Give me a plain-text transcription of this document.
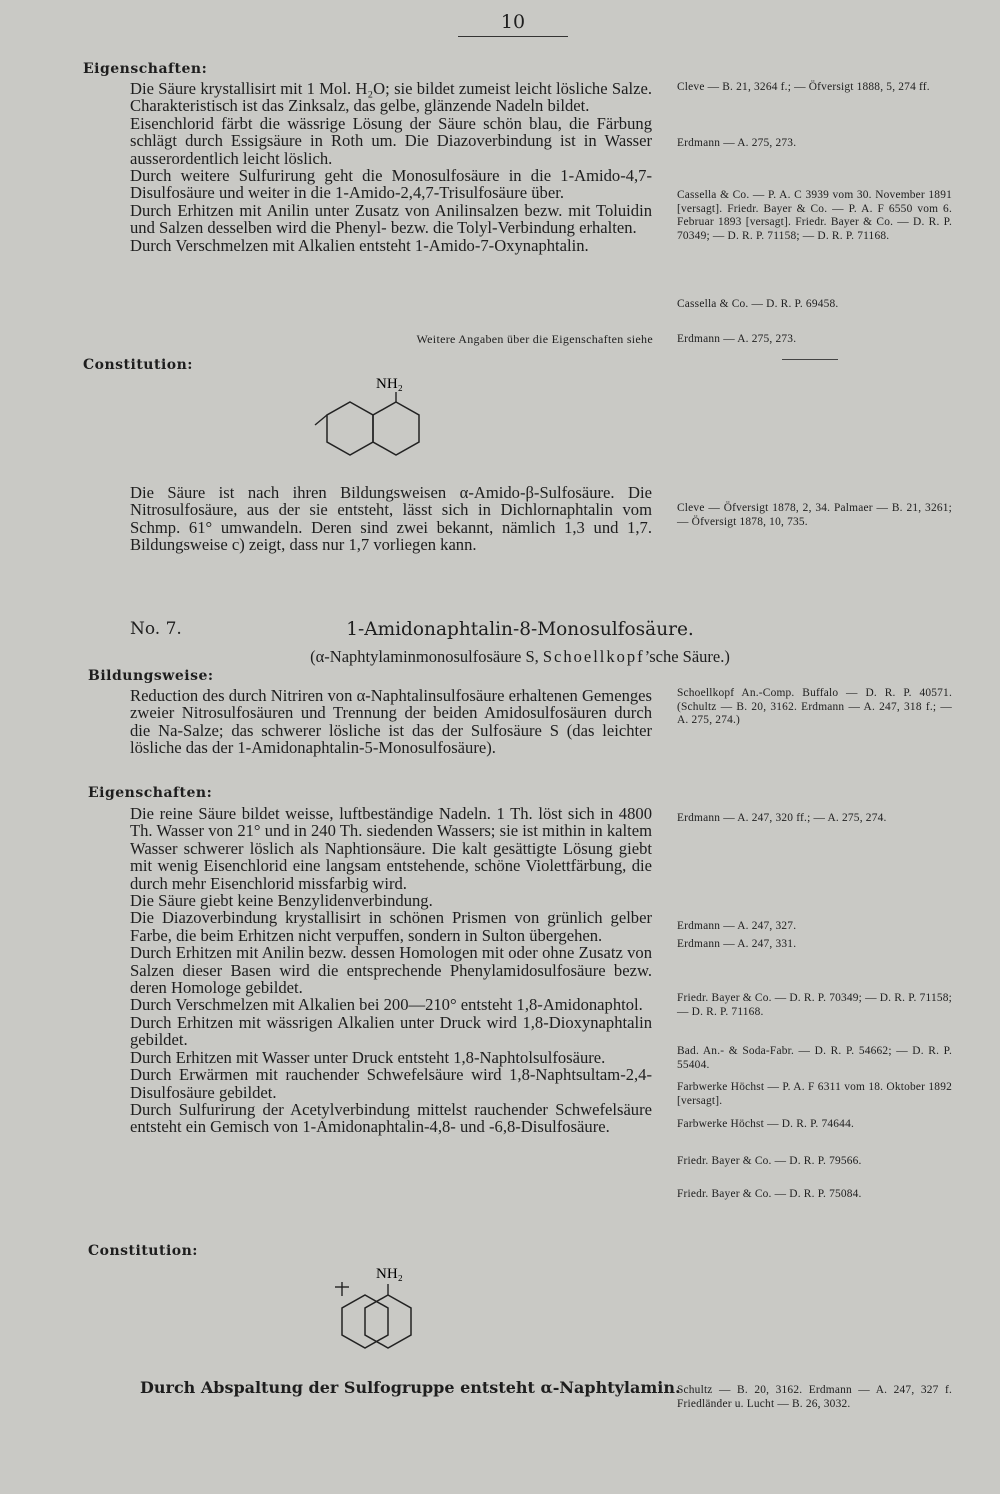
10
Eigenschaften:

Die Säure krystallisirt mit 1 Mol. H₂O; sie bildet zumeist leicht lösliche Salze. Charakteristisch ist das Zinksalz, das gelbe, glänzende Nadeln bildet.

Eisenchlorid färbt die wässrige Lösung der Säure schön blau, die Färbung schlägt durch Essigsäure in Roth um. Die Diazoverbindung ist in Wasser ausserordentlich leicht löslich.

Durch weitere Sulfurirung geht die Monosulfosäure in die 1-Amido-4,7-Disulfosäure und weiter in die 1-Amido-2,4,7-Trisulfosäure über.

Durch Erhitzen mit Anilin unter Zusatz von Anilinsalzen bezw. mit Toluidin und Salzen desselben wird die Phenyl- bezw. die Tolyl-Verbindung erhalten.

Durch Verschmelzen mit Alkalien entsteht 1-Amido-7-Oxynaphtalin.

Weitere Angaben über die Eigenschaften siehe
Cleve — B. 21, 3264 f.; — Öfversigt 1888, 5, 274 ff.
Erdmann — A. 275, 273.
Cassella & Co. — P. A. C 3939 vom 30. November 1891 [versagt]. Friedr. Bayer & Co. — P. A. F 6550 vom 6. Februar 1893 [versagt]. Friedr. Bayer & Co. — D. R. P. 70349; — D. R. P. 71158; — D. R. P. 71168.
Cassella & Co. — D. R. P. 69458.
Erdmann — A. 275, 273.
Constitution:
NH₂
Die Säure ist nach ihren Bildungsweisen α-Amido-β-Sulfosäure. Die Nitrosulfosäure, aus der sie entsteht, lässt sich in Dichlornaphtalin vom Schmp. 61° umwandeln. Deren sind zwei bekannt, nämlich 1,3 und 1,7. Bildungsweise c) zeigt, dass nur 1,7 vorliegen kann.
Cleve — Öfversigt 1878, 2, 34. Palmaer — B. 21, 3261; — Öfversigt 1878, 10, 735.
No. 7.	1-Amidonaphtalin-8-Monosulfosäure.
(α-Naphtylaminmonosulfosäure S, Schoellkopf’sche Säure.)
Bildungsweise:
Reduction des durch Nitriren von α-Naphtalinsulfosäure erhaltenen Gemenges zweier Nitrosulfosäuren und Trennung der beiden Amidosulfosäuren durch die Na-Salze; das schwerer lösliche ist das der Sulfosäure S (das leichter lösliche das der 1-Amidonaphtalin-5-Monosulfosäure).
Schoellkopf An.-Comp. Buffalo — D. R. P. 40571. (Schultz — B. 20, 3162. Erdmann — A. 247, 318 f.; — A. 275, 274.)
Eigenschaften:

Die reine Säure bildet weisse, luftbeständige Nadeln. 1 Th. löst sich in 4800 Th. Wasser von 21° und in 240 Th. siedenden Wassers; sie ist mithin in kaltem Wasser schwerer löslich als Naphtionsäure. Die kalt gesättigte Lösung giebt mit wenig Eisenchlorid eine langsam entstehende, schöne Violettfärbung, die durch mehr Eisenchlorid missfarbig wird.

Die Säure giebt keine Benzylidenverbindung.

Die Diazoverbindung krystallisirt in schönen Prismen von grünlich gelber Farbe, die beim Erhitzen nicht verpuffen, sondern in Sulton übergehen.

Durch Erhitzen mit Anilin bezw. dessen Homologen mit oder ohne Zusatz von Salzen dieser Basen wird die entsprechende Phenylamidosulfosäure bezw. deren Homologe gebildet.

Durch Verschmelzen mit Alkalien bei 200—210° entsteht 1,8-Amidonaphtol.

Durch Erhitzen mit wässrigen Alkalien unter Druck wird 1,8-Dioxynaphtalin gebildet.

Durch Erhitzen mit Wasser unter Druck entsteht 1,8-Naphtolsulfosäure.

Durch Erwärmen mit rauchender Schwefelsäure wird 1,8-Naphtsultam-2,4-Disulfosäure gebildet.

Durch Sulfurirung der Acetylverbindung mittelst rauchender Schwefelsäure entsteht ein Gemisch von 1-Amidonaphtalin-4,8- und -6,8-Disulfosäure.

Erdmann — A. 247, 320 ff.; — A. 275, 274.
Erdmann — A. 247, 327.
Erdmann — A. 247, 331.
Friedr. Bayer & Co. — D. R. P. 70349; — D. R. P. 71158; — D. R. P. 71168.
Bad. An.- & Soda-Fabr. — D. R. P. 54662; — D. R. P. 55404.
Farbwerke Höchst — P. A. F 6311 vom 18. Oktober 1892 [versagt].
Farbwerke Höchst — D. R. P. 74644.
Friedr. Bayer & Co. — D. R. P. 79566.
Friedr. Bayer & Co. — D. R. P. 75084.
Constitution:
NH₂
Durch Abspaltung der Sulfogruppe entsteht α-Naphtylamin.
Schultz — B. 20, 3162. Erdmann — A. 247, 327 f. Friedländer u. Lucht — B. 26, 3032.
